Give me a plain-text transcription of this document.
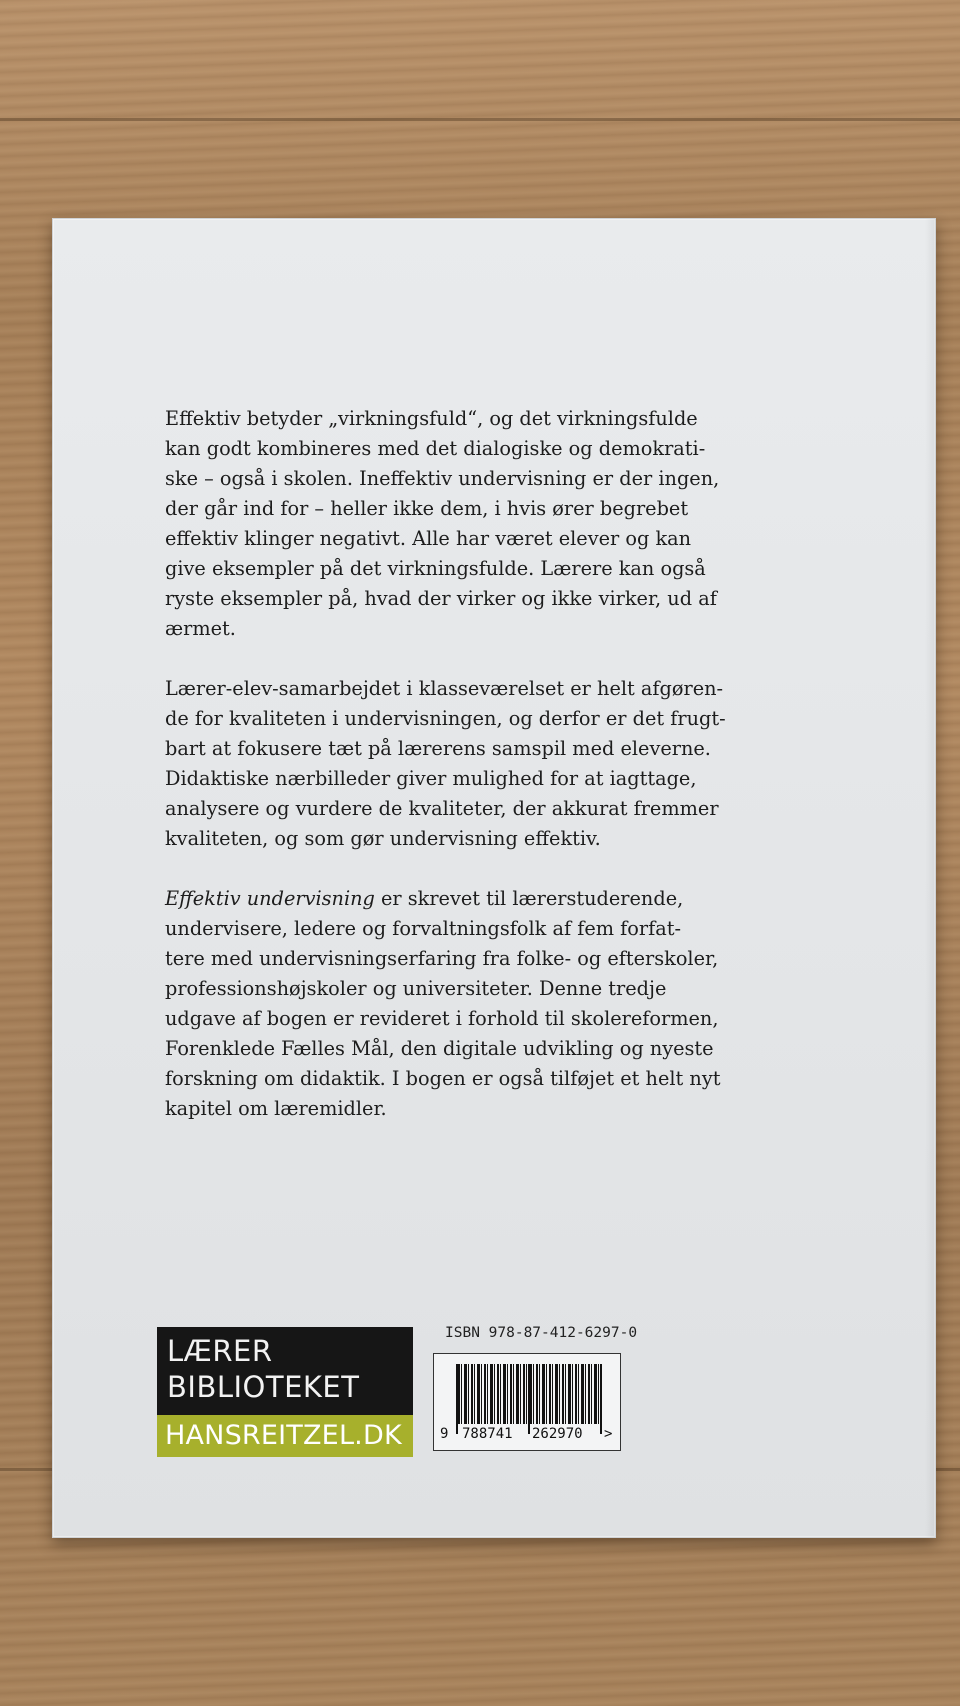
Effektiv betyder „virkningsfuld“, og det virkningsfulde
kan godt kombineres med det dialogiske og demokrati-
ske – også i skolen. Ineffektiv undervisning er der ingen,
der går ind for – heller ikke dem, i hvis ører begrebet
effektiv klinger negativt. Alle har været elever og kan
give eksempler på det virkningsfulde. Lærere kan også
ryste eksempler på, hvad der virker og ikke virker, ud af
ærmet.

Lærer-elev-samarbejdet i klasseværelset er helt afgøren-
de for kvaliteten i undervisningen, og derfor er det frugt-
bart at fokusere tæt på lærerens samspil med eleverne.
Didaktiske nærbilleder giver mulighed for at iagttage,
analysere og vurdere de kvaliteter, der akkurat fremmer
kvaliteten, og som gør undervisning effektiv.

Effektiv undervisning er skrevet til lærerstuderende,
undervisere, ledere og forvaltningsfolk af fem forfat-
tere med undervisningserfaring fra folke- og efterskoler,
professionshøjskoler og universiteter. Denne tredje
udgave af bogen er revideret i forhold til skolereformen,
Forenklede Fælles Mål, den digitale udvikling og nyeste
forskning om didaktik. I bogen er også tilføjet et helt nyt
kapitel om læremidler.

LÆRER
BIBLIOTEKET
HANSREITZEL.DK
ISBN 978-87-412-6297-0
9 788741 262970 >
